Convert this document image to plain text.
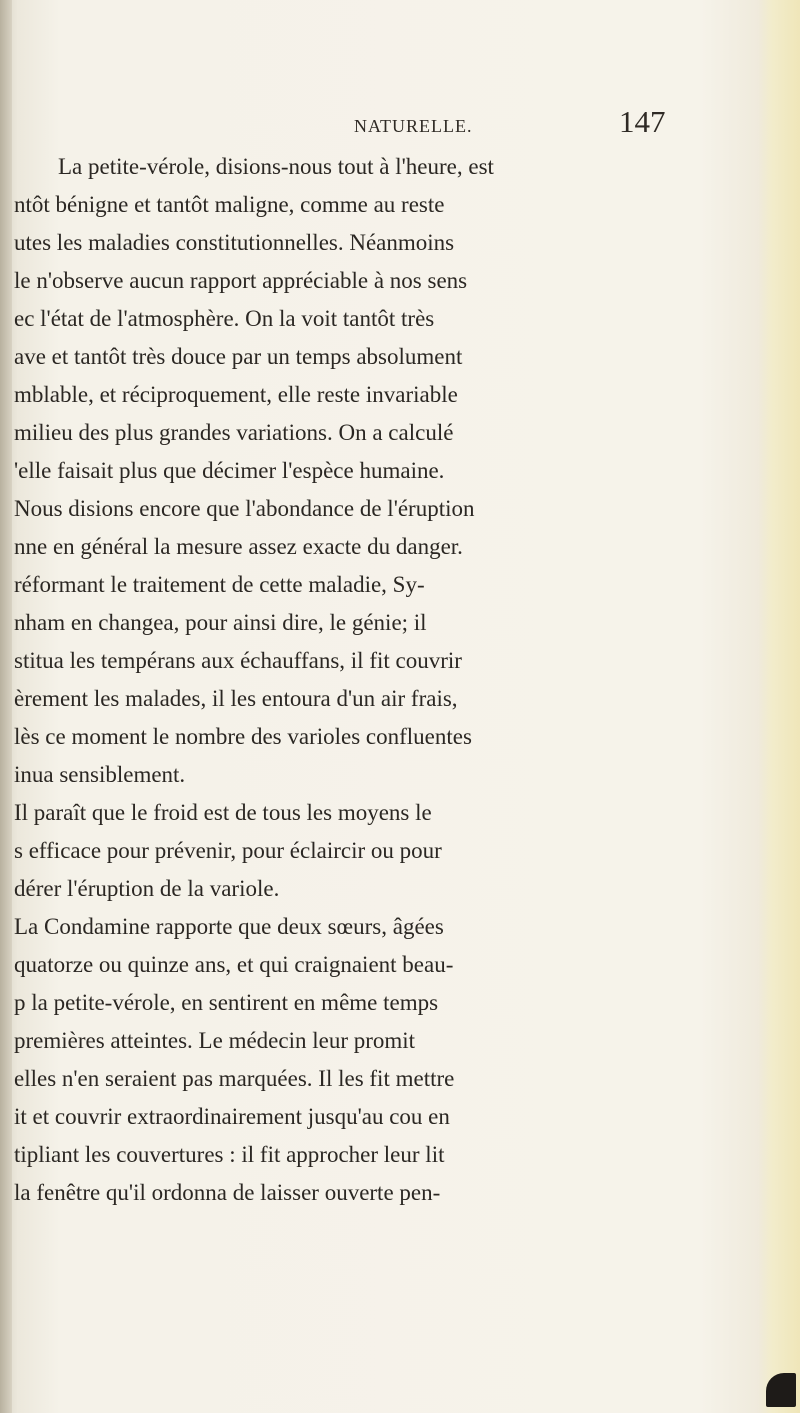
NATURELLE.	147
La petite-vérole, disions-nous tout à l'heure, est
ntôt bénigne et tantôt maligne, comme au reste
utes les maladies constitutionnelles. Néanmoins
le n'observe aucun rapport appréciable à nos sens
ec l'état de l'atmosphère. On la voit tantôt très
ave et tantôt très douce par un temps absolument
mblable, et réciproquement, elle reste invariable
milieu des plus grandes variations. On a calculé
'elle faisait plus que décimer l'espèce humaine.
Nous disions encore que l'abondance de l'éruption
nne en général la mesure assez exacte du danger.
réformant le traitement de cette maladie, Sy-
nham en changea, pour ainsi dire, le génie; il
stitua les tempérans aux échauffans, il fit couvrir
èrement les malades, il les entoura d'un air frais,
lès ce moment le nombre des varioles confluentes
inua sensiblement.
Il paraît que le froid est de tous les moyens le
s efficace pour prévenir, pour éclaircir ou pour
dérer l'éruption de la variole.
La Condamine rapporte que deux sœurs, âgées
quatorze ou quinze ans, et qui craignaient beau-
p la petite-vérole, en sentirent en même temps
premières atteintes. Le médecin leur promit
elles n'en seraient pas marquées. Il les fit mettre
it et couvrir extraordinairement jusqu'au cou en
tipliant les couvertures : il fit approcher leur lit
la fenêtre qu'il ordonna de laisser ouverte pen-
